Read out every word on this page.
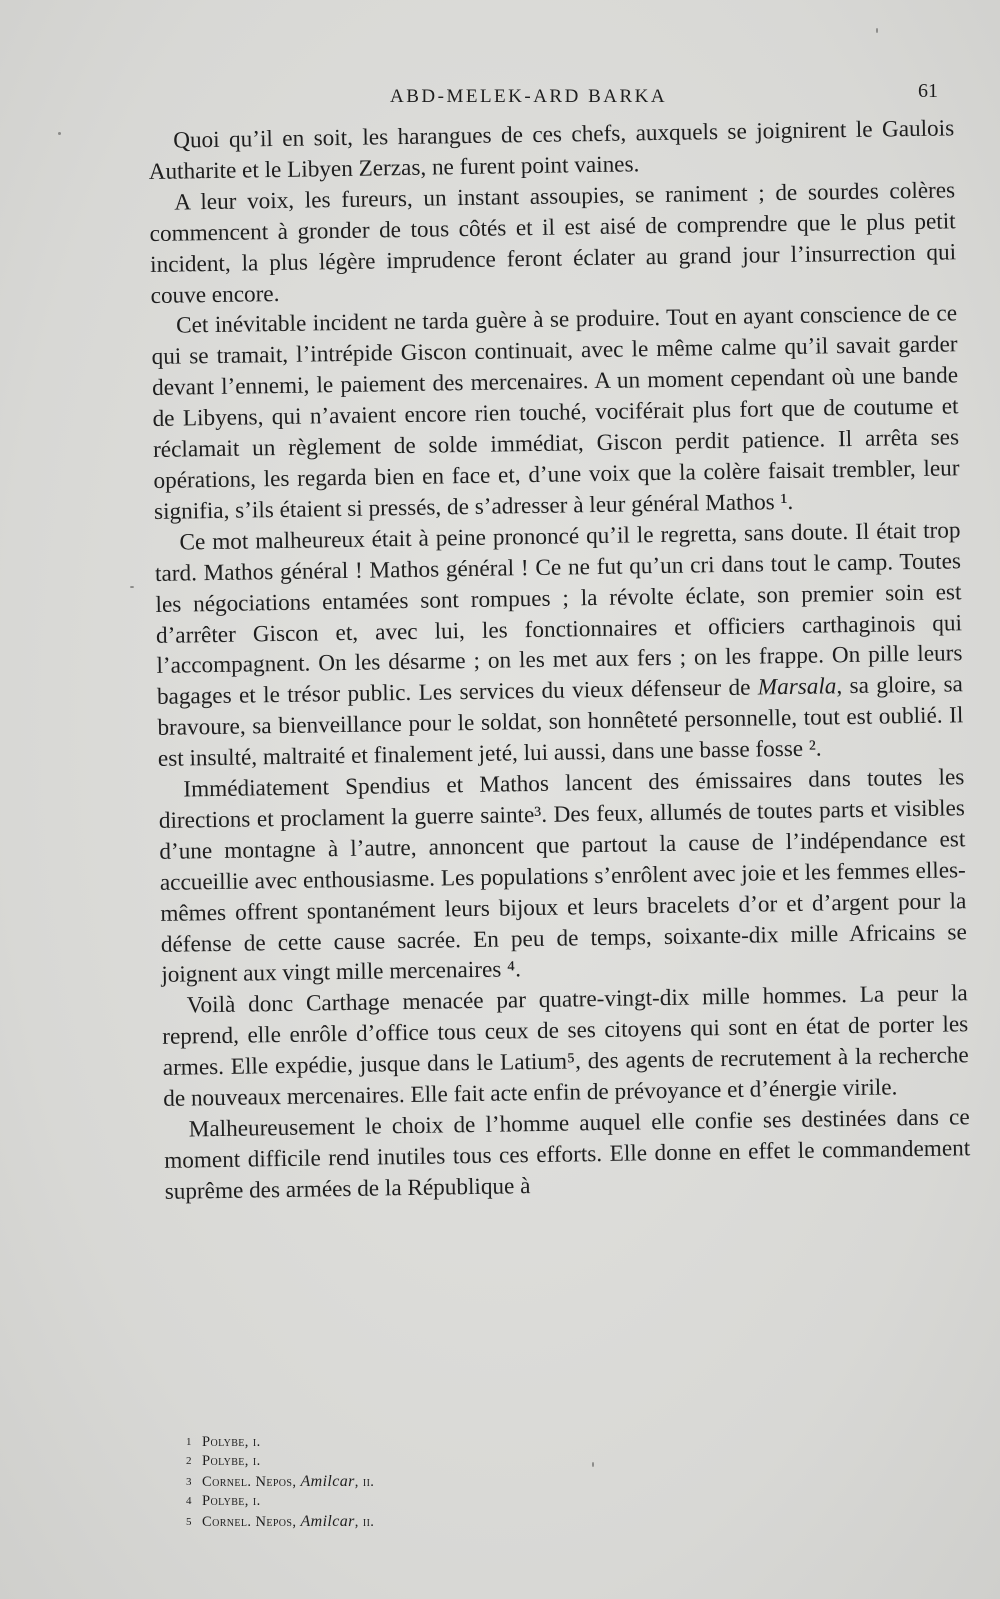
ABD-MELEK-ARD BARKA	61

Quoi qu’il en soit, les harangues de ces chefs, auxquels se joignirent le Gaulois Autharite et le Libyen Zerzas, ne furent point vaines.

A leur voix, les fureurs, un instant assoupies, se raniment ; de sourdes colères commencent à gronder de tous côtés et il est aisé de comprendre que le plus petit incident, la plus légère imprudence feront éclater au grand jour l’insurrection qui couve encore.

Cet inévitable incident ne tarda guère à se produire. Tout en ayant conscience de ce qui se tramait, l’intrépide Giscon continuait, avec le même calme qu’il savait garder devant l’ennemi, le paiement des mercenaires. A un moment cependant où une bande de Libyens, qui n’avaient encore rien touché, vociférait plus fort que de coutume et réclamait un règlement de solde immédiat, Giscon perdit patience. Il arrêta ses opérations, les regarda bien en face et, d’une voix que la colère faisait trembler, leur signifia, s’ils étaient si pressés, de s’adresser à leur général Mathos ¹.

Ce mot malheureux était à peine prononcé qu’il le regretta, sans doute. Il était trop tard. Mathos général ! Mathos général ! Ce ne fut qu’un cri dans tout le camp. Toutes les négociations entamées sont rompues ; la révolte éclate, son premier soin est d’arrêter Giscon et, avec lui, les fonctionnaires et officiers carthaginois qui l’accompagnent. On les désarme ; on les met aux fers ; on les frappe. On pille leurs bagages et le trésor public. Les services du vieux défenseur de Marsala, sa gloire, sa bravoure, sa bienveillance pour le soldat, son honnêteté personnelle, tout est oublié. Il est insulté, maltraité et finalement jeté, lui aussi, dans une basse fosse ².

Immédiatement Spendius et Mathos lancent des émissaires dans toutes les directions et proclament la guerre sainte³. Des feux, allumés de toutes parts et visibles d’une montagne à l’autre, annoncent que partout la cause de l’indépendance est accueillie avec enthousiasme. Les populations s’enrôlent avec joie et les femmes elles-mêmes offrent spontanément leurs bijoux et leurs bracelets d’or et d’argent pour la défense de cette cause sacrée. En peu de temps, soixante-dix mille Africains se joignent aux vingt mille mercenaires ⁴.

Voilà donc Carthage menacée par quatre-vingt-dix mille hommes. La peur la reprend, elle enrôle d’office tous ceux de ses citoyens qui sont en état de porter les armes. Elle expédie, jusque dans le Latium⁵, des agents de recrutement à la recherche de nouveaux mercenaires. Elle fait acte enfin de prévoyance et d’énergie virile.

Malheureusement le choix de l’homme auquel elle confie ses destinées dans ce moment difficile rend inutiles tous ces efforts. Elle donne en effet le commandement suprême des armées de la République à

1 Polybe, i.

2 Polybe, i.

3 Cornel. Nepos, Amilcar, ii.

4 Polybe, i.

5 Cornel. Nepos, Amilcar, ii.
